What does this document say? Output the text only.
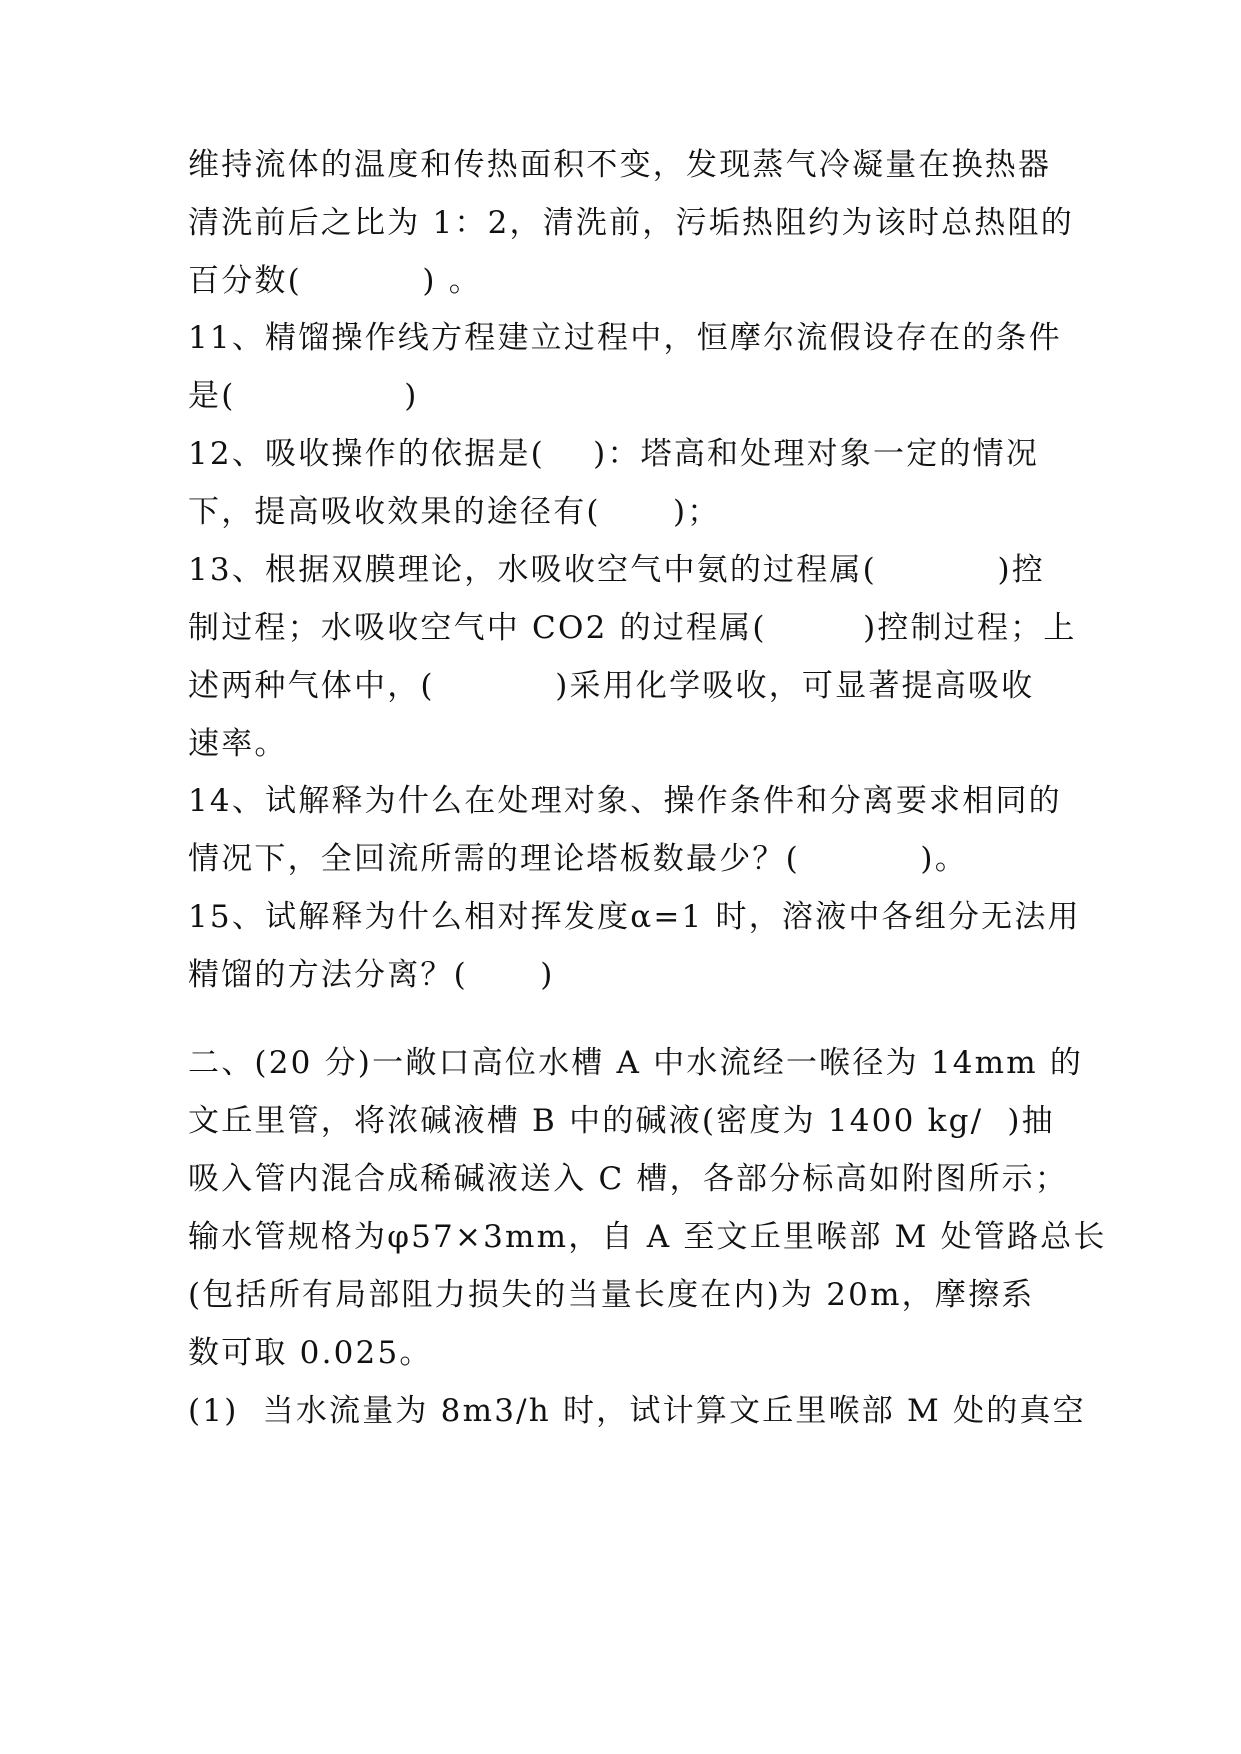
维持流体的温度和传热面积不变，发现蒸气冷凝量在换热器
清洗前后之比为 1：2，清洗前，污垢热阻约为该时总热阻的
百分数(          ) 。
11、精馏操作线方程建立过程中，恒摩尔流假设存在的条件
是(              )
12、吸收操作的依据是(    )：塔高和处理对象一定的情况
下，提高吸收效果的途径有(      )；
13、根据双膜理论，水吸收空气中氨的过程属(          )控
制过程；水吸收空气中 CO2 的过程属(        )控制过程；上
述两种气体中，(          )采用化学吸收，可显著提高吸收
速率。
14、试解释为什么在处理对象、操作条件和分离要求相同的
情况下，全回流所需的理论塔板数最少？(          )。
15、试解释为什么相对挥发度α=1 时，溶液中各组分无法用
精馏的方法分离？(      )
二、(20 分)一敞口高位水槽 A 中水流经一喉径为 14mm 的
文丘里管，将浓碱液槽 B 中的碱液(密度为 1400 kg/  )抽
吸入管内混合成稀碱液送入 C 槽，各部分标高如附图所示；
输水管规格为φ57×3mm，自 A 至文丘里喉部 M 处管路总长
(包括所有局部阻力损失的当量长度在内)为 20m，摩擦系
数可取 0.025。
(1)  当水流量为 8m3/h 时，试计算文丘里喉部 M 处的真空
